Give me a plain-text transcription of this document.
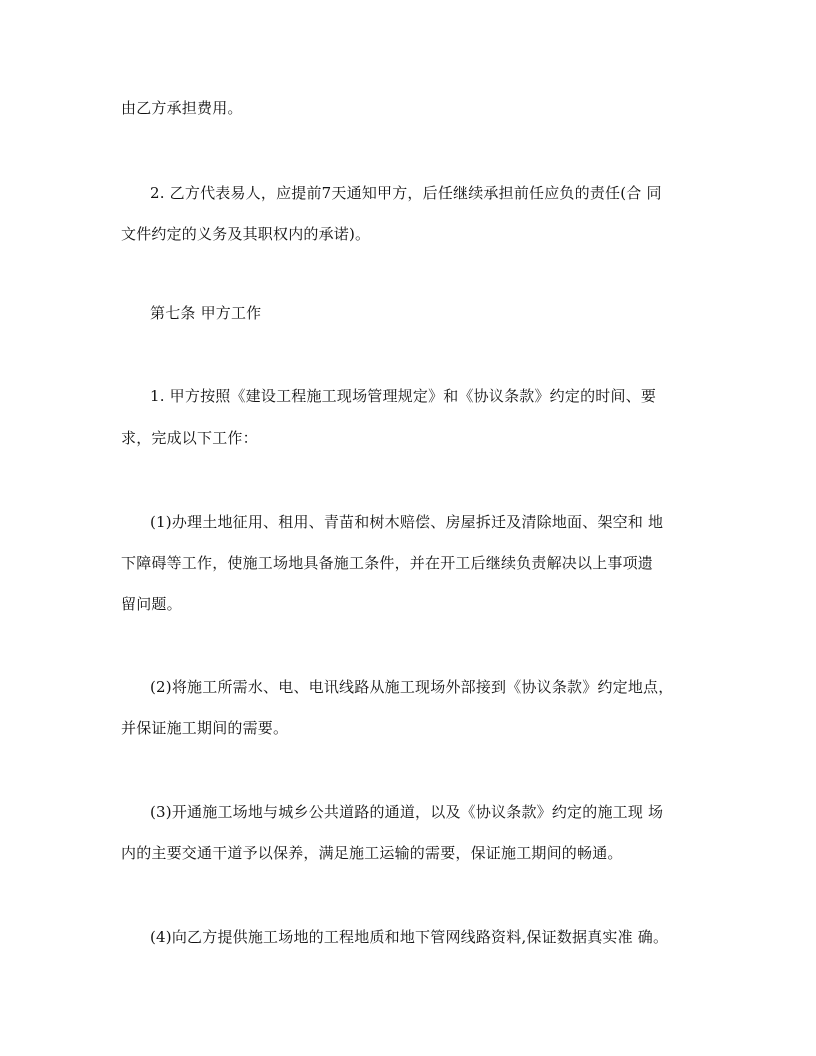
由乙方承担费用。
2. 乙方代表易人，应提前7天通知甲方，后任继续承担前任应负的责任(合 同
文件约定的义务及其职权内的承诺)。
第七条 甲方工作
1. 甲方按照《建设工程施工现场管理规定》和《协议条款》约定的时间、要
求，完成以下工作：
(1)办理土地征用、租用、青苗和树木赔偿、房屋拆迁及清除地面、架空和 地
下障碍等工作，使施工场地具备施工条件，并在开工后继续负责解决以上事项遗
留问题。
(2)将施工所需水、电、电讯线路从施工现场外部接到《协议条款》约定地点，
并保证施工期间的需要。
(3)开通施工场地与城乡公共道路的通道，以及《协议条款》约定的施工现 场
内的主要交通干道予以保养，满足施工运输的需要，保证施工期间的畅通。
(4)向乙方提供施工场地的工程地质和地下管网线路资料,保证数据真实准 确。
